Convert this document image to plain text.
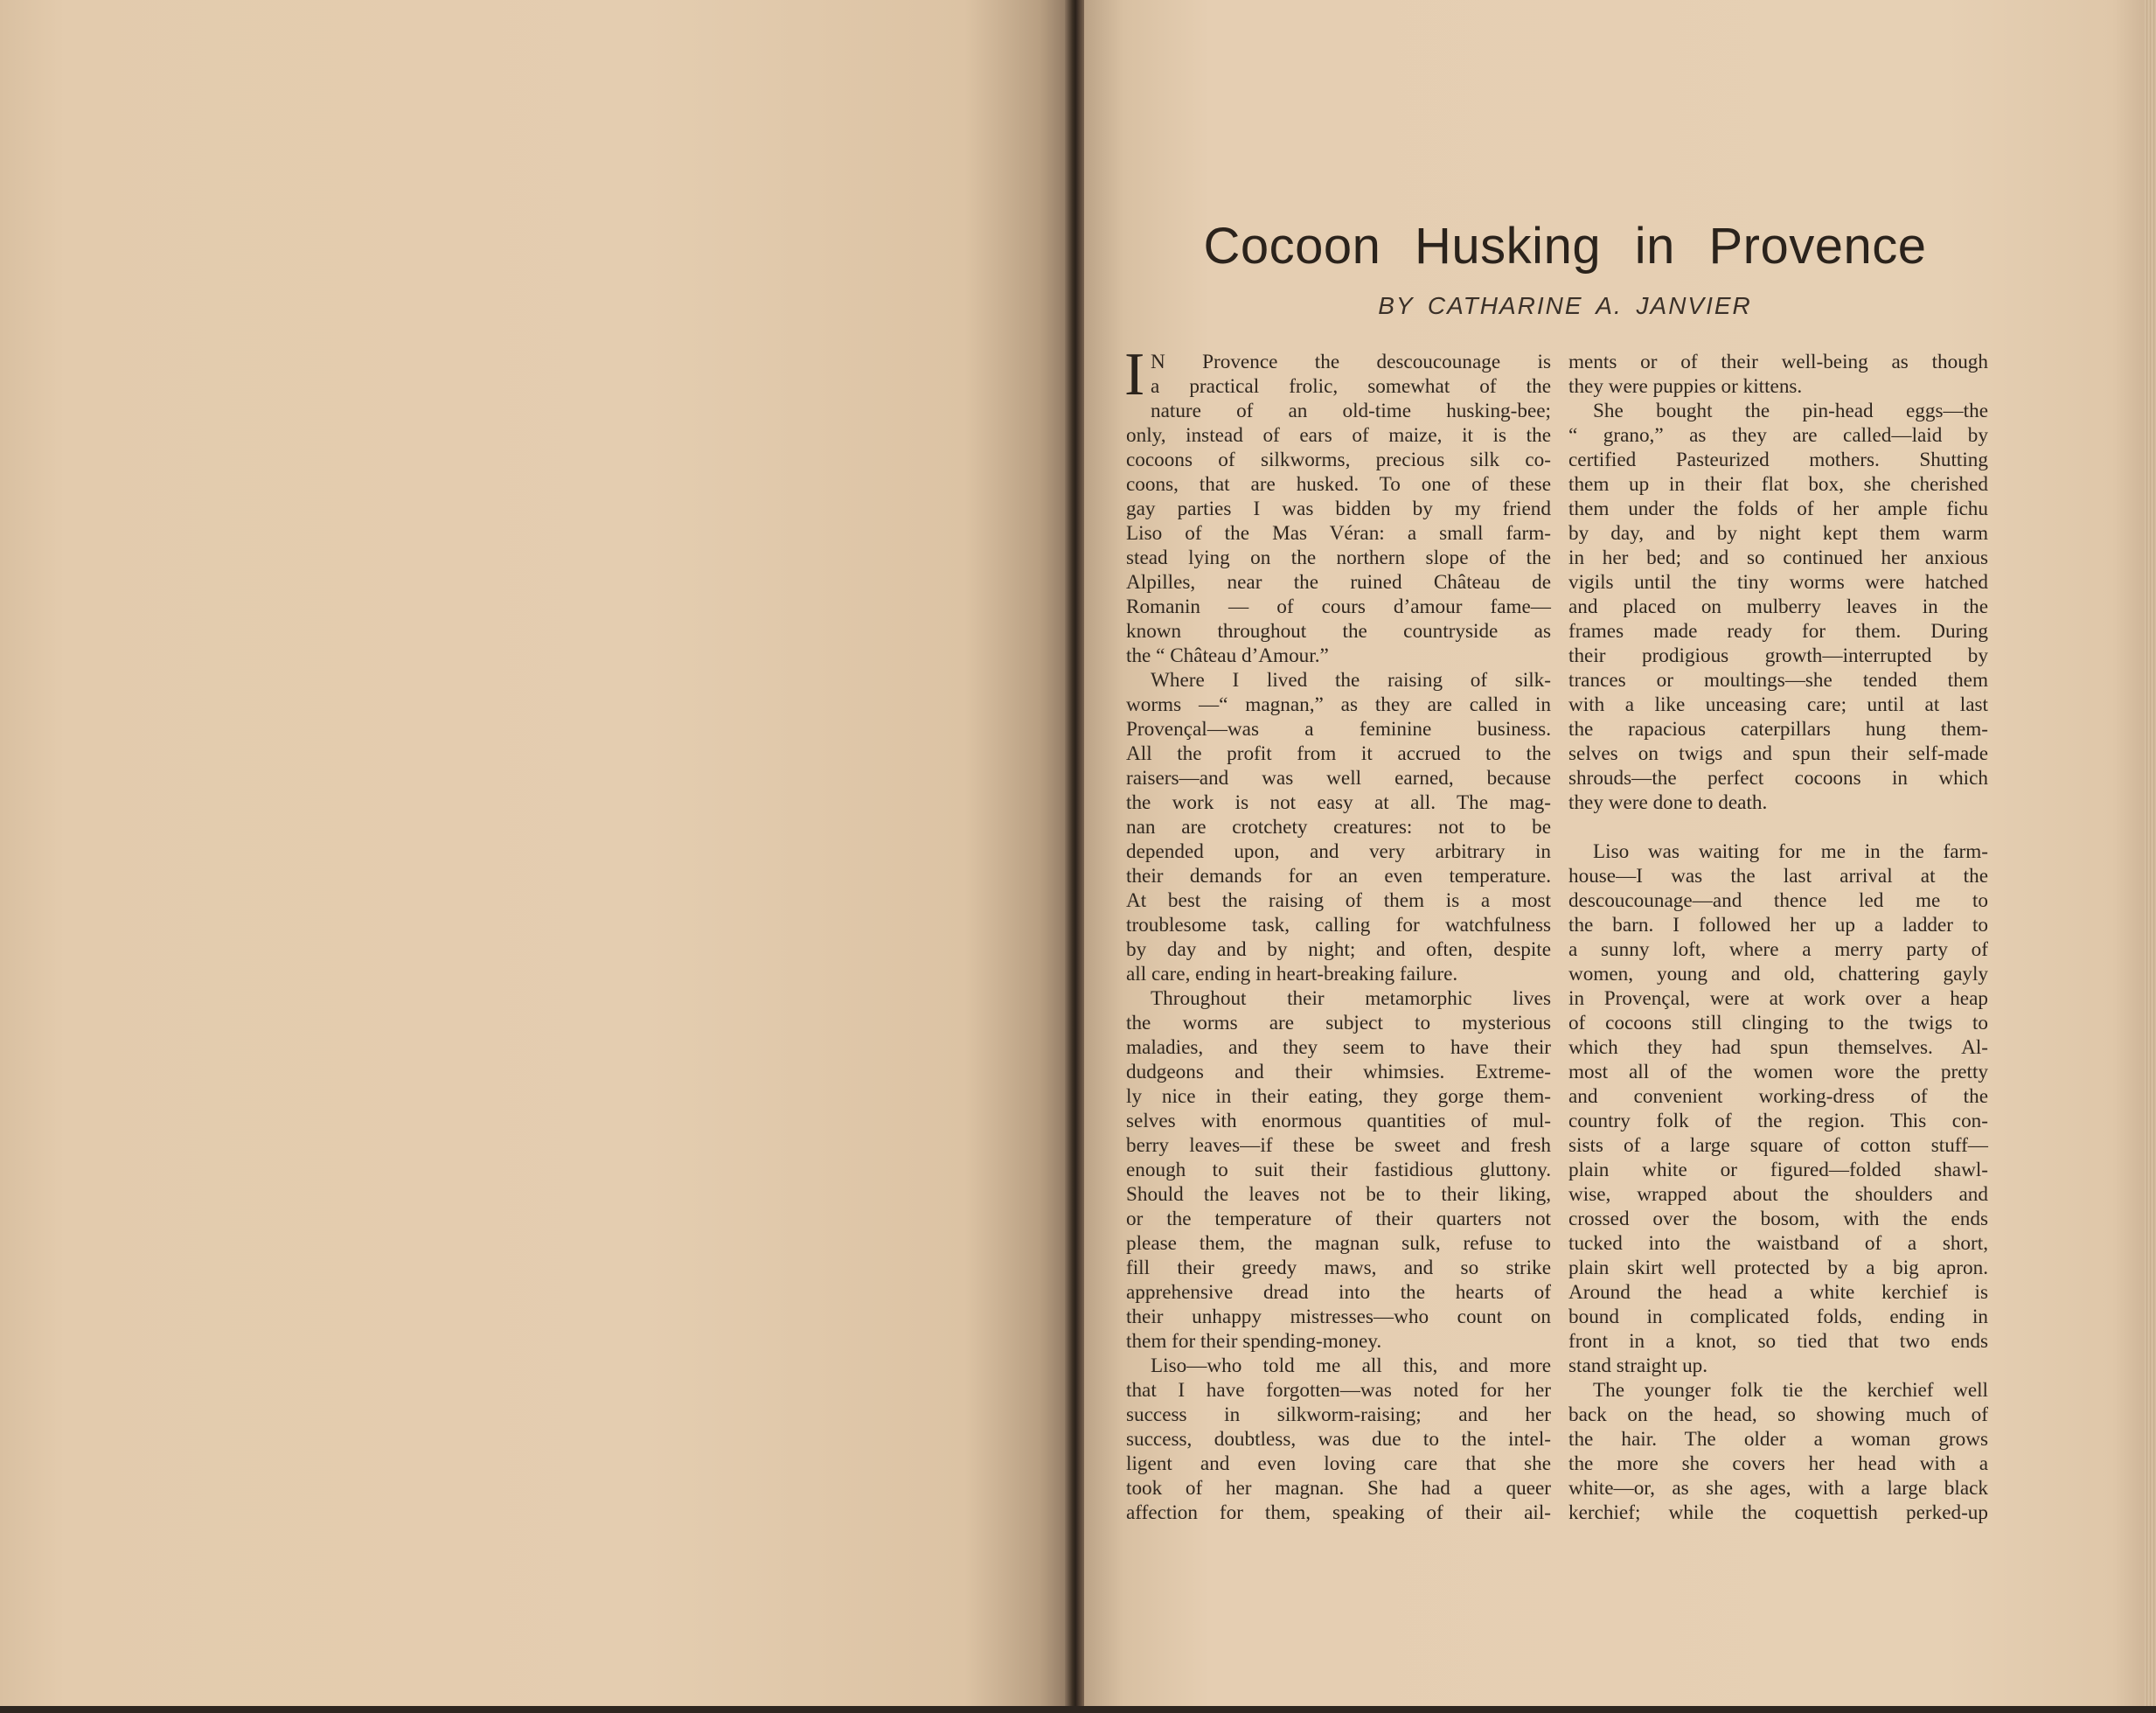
Cocoon Husking in Provence
BY CATHARINE A. JANVIER
I N Provence the descoucounage is
a practical frolic, somewhat of the
nature of an old-time husking-bee;
only, instead of ears of maize, it is the
cocoons of silkworms, precious silk co-
coons, that are husked. To one of these
gay parties I was bidden by my friend
Liso of the Mas Véran: a small farm-
stead lying on the northern slope of the
Alpilles, near the ruined Château de
Romanin — of cours d’amour fame—
known throughout the countryside as
the “ Château d’Amour.”
Where I lived the raising of silk-
worms —“ magnan,” as they are called in
Provençal—was a feminine business.
All the profit from it accrued to the
raisers—and was well earned, because
the work is not easy at all. The mag-
nan are crotchety creatures: not to be
depended upon, and very arbitrary in
their demands for an even temperature.
At best the raising of them is a most
troublesome task, calling for watchfulness
by day and by night; and often, despite
all care, ending in heart-breaking failure.
Throughout their metamorphic lives
the worms are subject to mysterious
maladies, and they seem to have their
dudgeons and their whimsies. Extreme-
ly nice in their eating, they gorge them-
selves with enormous quantities of mul-
berry leaves—if these be sweet and fresh
enough to suit their fastidious gluttony.
Should the leaves not be to their liking,
or the temperature of their quarters not
please them, the magnan sulk, refuse to
fill their greedy maws, and so strike
apprehensive dread into the hearts of
their unhappy mistresses—who count on
them for their spending-money.
Liso—who told me all this, and more
that I have forgotten—was noted for her
success in silkworm-raising; and her
success, doubtless, was due to the intel-
ligent and even loving care that she
took of her magnan. She had a queer
affection for them, speaking of their ail-
ments or of their well-being as though
they were puppies or kittens.
She bought the pin-head eggs—the
“ grano,” as they are called—laid by
certified Pasteurized mothers. Shutting
them up in their flat box, she cherished
them under the folds of her ample fichu
by day, and by night kept them warm
in her bed; and so continued her anxious
vigils until the tiny worms were hatched
and placed on mulberry leaves in the
frames made ready for them. During
their prodigious growth—interrupted by
trances or moultings—she tended them
with a like unceasing care; until at last
the rapacious caterpillars hung them-
selves on twigs and spun their self-made
shrouds—the perfect cocoons in which
they were done to death.
Liso was waiting for me in the farm-
house—I was the last arrival at the
descoucounage—and thence led me to
the barn. I followed her up a ladder to
a sunny loft, where a merry party of
women, young and old, chattering gayly
in Provençal, were at work over a heap
of cocoons still clinging to the twigs to
which they had spun themselves. Al-
most all of the women wore the pretty
and convenient working-dress of the
country folk of the region. This con-
sists of a large square of cotton stuff—
plain white or figured—folded shawl-
wise, wrapped about the shoulders and
crossed over the bosom, with the ends
tucked into the waistband of a short,
plain skirt well protected by a big apron.
Around the head a white kerchief is
bound in complicated folds, ending in
front in a knot, so tied that two ends
stand straight up.
The younger folk tie the kerchief well
back on the head, so showing much of
the hair. The older a woman grows
the more she covers her head with a
white—or, as she ages, with a large black
kerchief; while the coquettish perked-up
